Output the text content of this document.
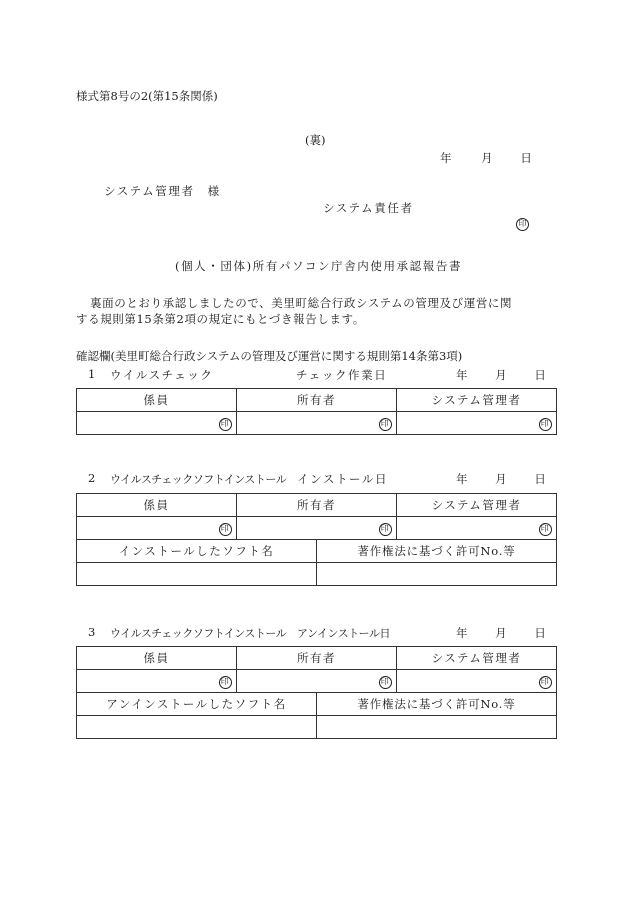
様式第8号の2(第15条関係)
(裏)
年	月 日
システム管理者　様
システム責任者
印
(個人・団体)所有パソコン庁舎内使用承認報告書
裏面のとおり承認しましたので、美里町総合行政システムの管理及び運営に関
する規則第15条第2項の規定にもとづき報告します。
確認欄(美里町総合行政システムの管理及び運営に関する規則第14条第3項)
1 ウイルスチェック	チェック作業日	年 月 日
係員	所有者	システム管理者
印	印	印
2 ウイルスチェックソフトインストール インストール日	年 月 日
係員	所有者		システム管理者
印	印		印
インストールしたソフト名		著作権法に基づく許可No.等	

3 ウイルスチェックソフトインストール アンインストール日	年 月 日
係員	所有者		システム管理者
印	印		印
アンインストールしたソフト名		著作権法に基づく許可No.等	
